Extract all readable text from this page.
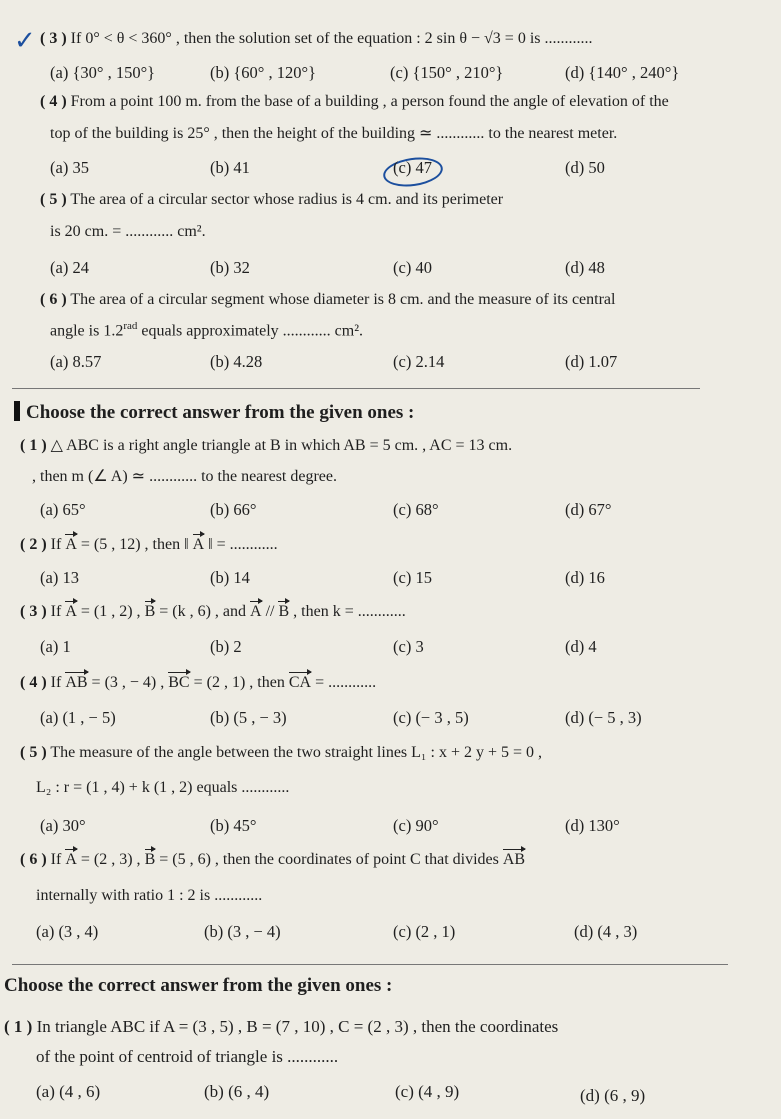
✓ ( 3 ) If 0° < θ < 360° , then the solution set of the equation : 2 sin θ − √3 = 0 is ............
(a) {30° , 150°}	(b) {60° , 120°}	(c) {150° , 210°}	(d) {140° , 240°}
( 4 ) From a point 100 m. from the base of a building , a person found the angle of elevation of the
top of the building is 25° , then the height of the building ≃ ............ to the nearest meter.
(a) 35	(b) 41	(c) 47	(d) 50
( 5 ) The area of a circular sector whose radius is 4 cm. and its perimeter
is 20 cm. = ............ cm².
(a) 24	(b) 32	(c) 40	(d) 48
( 6 ) The area of a circular segment whose diameter is 8 cm. and the measure of its central
angle is $1.2^{rad}$ equals approximately ............ cm².
(a) 8.57	(b) 4.28	(c) 2.14	(d) 1.07
Choose the correct answer from the given ones :
( 1 ) △ ABC is a right angle triangle at B in which AB = 5 cm. , AC = 13 cm.
, then m (∠ A) ≃ ............ to the nearest degree.
(a) 65°	(b) 66°	(c) 68°	(d) 67°
( 2 ) If A = (5 , 12) , then ‖ A ‖ = ............
(a) 13	(b) 14	(c) 15	(d) 16
( 3 ) If A = (1 , 2) , B = (k , 6) , and A // B , then k = ............
(a) 1	(b) 2	(c) 3	(d) 4
( 4 ) If AB = (3 , − 4) , BC = (2 , 1) , then CA = ............
(a) (1 , − 5)	(b) (5 , − 3)	(c) (− 3 , 5)	(d) (− 5 , 3)
( 5 ) The measure of the angle between the two straight lines L₁ : x + 2 y + 5 = 0 ,
L₂ : r = (1 , 4) + k (1 , 2) equals ............
(a) 30°	(b) 45°	(c) 90°	(d) 130°
( 6 ) If A = (2 , 3) , B = (5 , 6) , then the coordinates of point C that divides AB
internally with ratio 1 : 2 is ............
(a) (3 , 4)	(b) (3 , − 4)	(c) (2 , 1)	(d) (4 , 3)
Choose the correct answer from the given ones :
( 1 ) In triangle ABC if A = (3 , 5) , B = (7 , 10) , C = (2 , 3) , then the coordinates
of the point of centroid of triangle is ............
(a) (4 , 6)	(b) (6 , 4)	(c) (4 , 9)	(d) (6 , 9)
